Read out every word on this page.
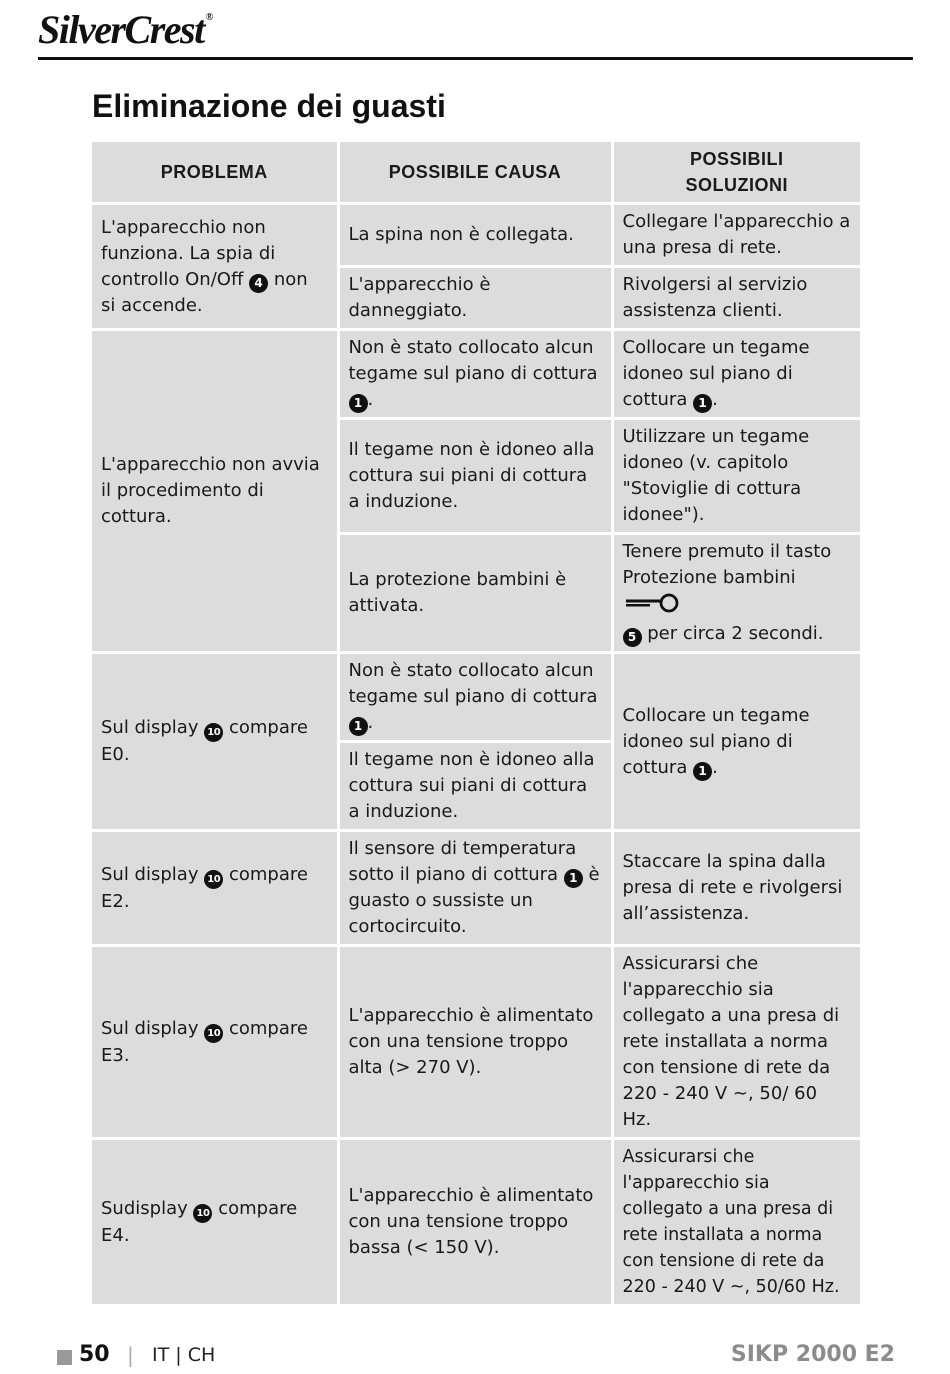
SilverCrest ®
Eliminazione dei guasti
PROBLEMA	POSSIBILE CAUSA	POSSIBILI SOLUZIONI
L'apparecchio non funziona. La spia di controllo On/Off 4 non si accende.	La spina non è collegata.	Collegare l'apparecchio a una presa di rete.
	L'apparecchio è danneggiato.	Rivolgersi al servizio assistenza clienti.
L'apparecchio non avvia il procedimento di cottura.	Non è stato collocato alcun tegame sul piano di cottura 1 .	Collocare un tegame idoneo sul piano di cottura 1 .
	Il tegame non è idoneo alla cottura sui piani di cottura a induzione.	Utilizzare un tegame idoneo (v. capitolo "Stoviglie di cottura idonee").
	La protezione bambini è attivata.	Tenere premuto il tasto Protezione bambini
5 per circa 2 secondi.
Sul display 10 compare E0.	Non è stato collocato alcun tegame sul piano di cottura 1 .	Collocare un tegame idoneo sul piano di cottura 1 .
	Il tegame non è idoneo alla cottura sui piani di cottura a induzione.	
Sul display 10 compare E2.	Il sensore di temperatura sotto il piano di cottura 1 è guasto o sussiste un cortocircuito.	Staccare la spina dalla presa di rete e rivolgersi all’assistenza.
Sul display 10 compare E3.	L'apparecchio è alimentato con una tensione troppo alta (> 270 V).	Assicurarsi che l'apparecchio sia collegato a una presa di rete installata a norma con tensione di rete da 220 - 240 V ~, 50/ 60 Hz.
Sudisplay 10 compare E4.	L'apparecchio è alimentato con una tensione troppo bassa (< 150 V).	Assicurarsi che l'apparecchio sia collegato a una presa di rete installata a norma con tensione di rete da 220 - 240 V ~, 50/60 Hz.
50 | IT | CH	SIKP 2000 E2
